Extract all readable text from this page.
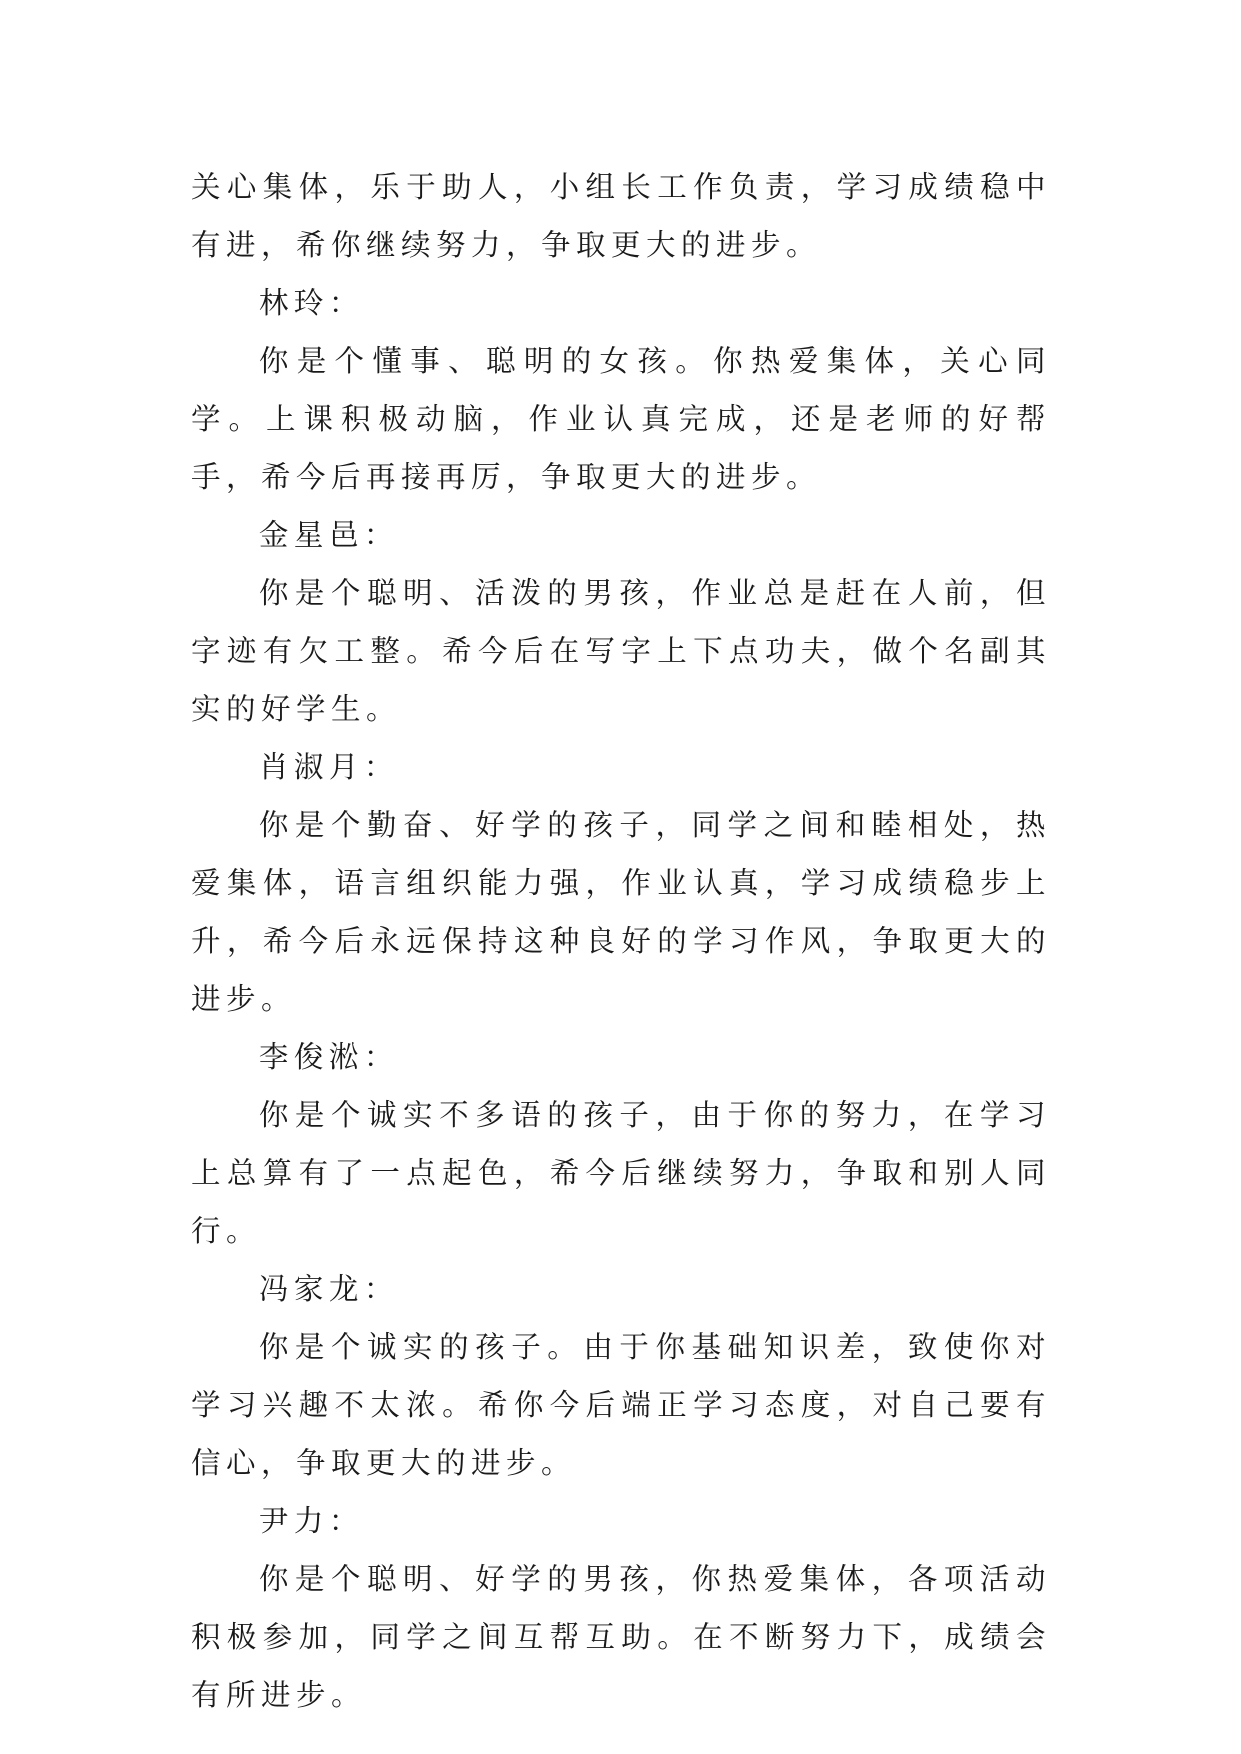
关心集体，乐于助人，小组长工作负责，学习成绩稳中有进，希你继续努力，争取更大的进步。

林玲：

你是个懂事、聪明的女孩。你热爱集体，关心同学。上课积极动脑，作业认真完成，还是老师的好帮手，希今后再接再厉，争取更大的进步。

金星邑：

你是个聪明、活泼的男孩，作业总是赶在人前，但字迹有欠工整。希今后在写字上下点功夫，做个名副其实的好学生。

肖淑月：

你是个勤奋、好学的孩子，同学之间和睦相处，热爱集体，语言组织能力强，作业认真，学习成绩稳步上升，希今后永远保持这种良好的学习作风，争取更大的进步。

李俊淞：

你是个诚实不多语的孩子，由于你的努力，在学习上总算有了一点起色，希今后继续努力，争取和别人同行。

冯家龙：

你是个诚实的孩子。由于你基础知识差，致使你对学习兴趣不太浓。希你今后端正学习态度，对自己要有信心，争取更大的进步。

尹力：

你是个聪明、好学的男孩，你热爱集体，各项活动积极参加，同学之间互帮互助。在不断努力下，成绩会有所进步。
